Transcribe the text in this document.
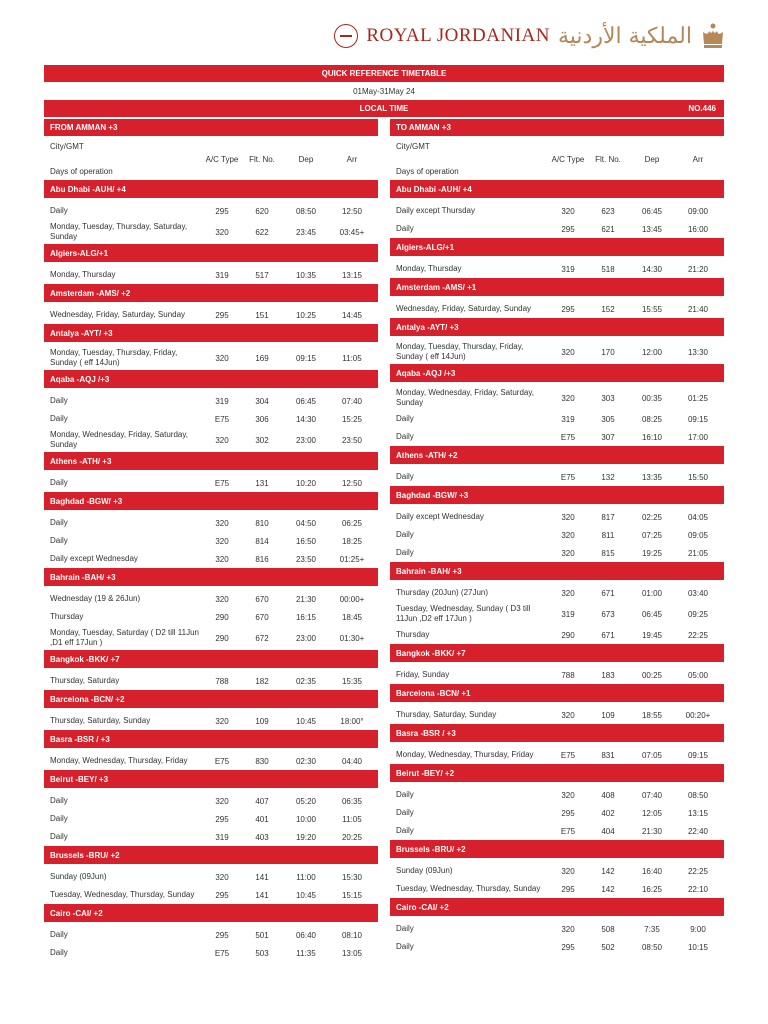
ROYAL JORDANIAN الملكية الأردنية
QUICK REFERENCE TIMETABLE
01May-31May 24
LOCAL TIME	NO.446
FROM AMMAN +3
City/GMT
Days of operation
A/C Type	Flt. No.	Dep	Arr
Abu Dhabi -AUH/ +4
Daily	295	620	08:50	12:50
Monday, Tuesday, Thursday, Saturday, Sunday	320	622	23:45	03:45+
Algiers-ALG/+1
Monday, Thursday	319	517	10:35	13:15
Amsterdam -AMS/ +2
Wednesday, Friday, Saturday, Sunday	295	151	10:25	14:45
Antalya -AYT/ +3
Monday, Tuesday, Thursday, Friday, Sunday ( eff 14Jun)	320	169	09:15	11:05
Aqaba -AQJ /+3
Daily	319	304	06:45	07:40
Daily	E75	306	14:30	15:25
Monday, Wednesday, Friday, Saturday, Sunday	320	302	23:00	23:50
Athens -ATH/ +3
Daily	E75	131	10:20	12:50
Baghdad -BGW/ +3
Daily	320	810	04:50	06:25
Daily	320	814	16:50	18:25
Daily except Wednesday	320	816	23:50	01:25+
Bahrain -BAH/ +3
Wednesday (19 & 26Jun)	320	670	21:30	00:00+
Thursday	290	670	16:15	18:45
Monday, Tuesday, Saturday ( D2 till 11Jun ,D1 eff 17Jun )	290	672	23:00	01:30+
Bangkok -BKK/ +7
Thursday, Saturday	788	182	02:35	15:35
Barcelona -BCN/ +2
Thursday, Saturday, Sunday	320	109	10:45	18:00°
Basra -BSR / +3
Monday, Wednesday, Thursday, Friday	E75	830	02:30	04:40
Beirut -BEY/ +3
Daily	320	407	05:20	06:35
Daily	295	401	10:00	11:05
Daily	319	403	19:20	20:25
Brussels -BRU/ +2
Sunday (09Jun)	320	141	11:00	15:30
Tuesday, Wednesday, Thursday, Sunday	295	141	10:45	15:15
Cairo -CAI/ +2
Daily	295	501	06:40	08:10
Daily	E75	503	11:35	13:05
TO AMMAN +3
City/GMT
Days of operation
A/C Type	Flt. No.	Dep	Arr
Abu Dhabi -AUH/ +4
Daily except Thursday	320	623	06:45	09:00
Daily	295	621	13:45	16:00
Algiers-ALG/+1
Monday, Thursday	319	518	14:30	21:20
Amsterdam -AMS/ +1
Wednesday, Friday, Saturday, Sunday	295	152	15:55	21:40
Antalya -AYT/ +3
Monday, Tuesday, Thursday, Friday, Sunday ( eff 14Jun)	320	170	12:00	13:30
Aqaba -AQJ /+3
Monday, Wednesday, Friday, Saturday, Sunday	320	303	00:35	01:25
Daily	319	305	08:25	09:15
Daily	E75	307	16:10	17:00
Athens -ATH/ +2
Daily	E75	132	13:35	15:50
Baghdad -BGW/ +3
Daily except Wednesday	320	817	02:25	04:05
Daily	320	811	07:25	09:05
Daily	320	815	19:25	21:05
Bahrain -BAH/ +3
Thursday (20Jun) (27Jun)	320	671	01:00	03:40
Tuesday, Wednesday, Sunday ( D3 till 11Jun ,D2 eff 17Jun )	319	673	06:45	09:25
Thursday	290	671	19:45	22:25
Bangkok -BKK/ +7
Friday, Sunday	788	183	00:25	05:00
Barcelona -BCN/ +1
Thursday, Saturday, Sunday	320	109	18:55	00:20+
Basra -BSR / +3
Monday, Wednesday, Thursday, Friday	E75	831	07:05	09:15
Beirut -BEY/ +2
Daily	320	408	07:40	08:50
Daily	295	402	12:05	13:15
Daily	E75	404	21:30	22:40
Brussels -BRU/ +2
Sunday (09Jun)	320	142	16:40	22:25
Tuesday, Wednesday, Thursday, Sunday	295	142	16:25	22:10
Cairo -CAI/ +2
Daily	320	508	7:35	9:00
Daily	295	502	08:50	10:15
